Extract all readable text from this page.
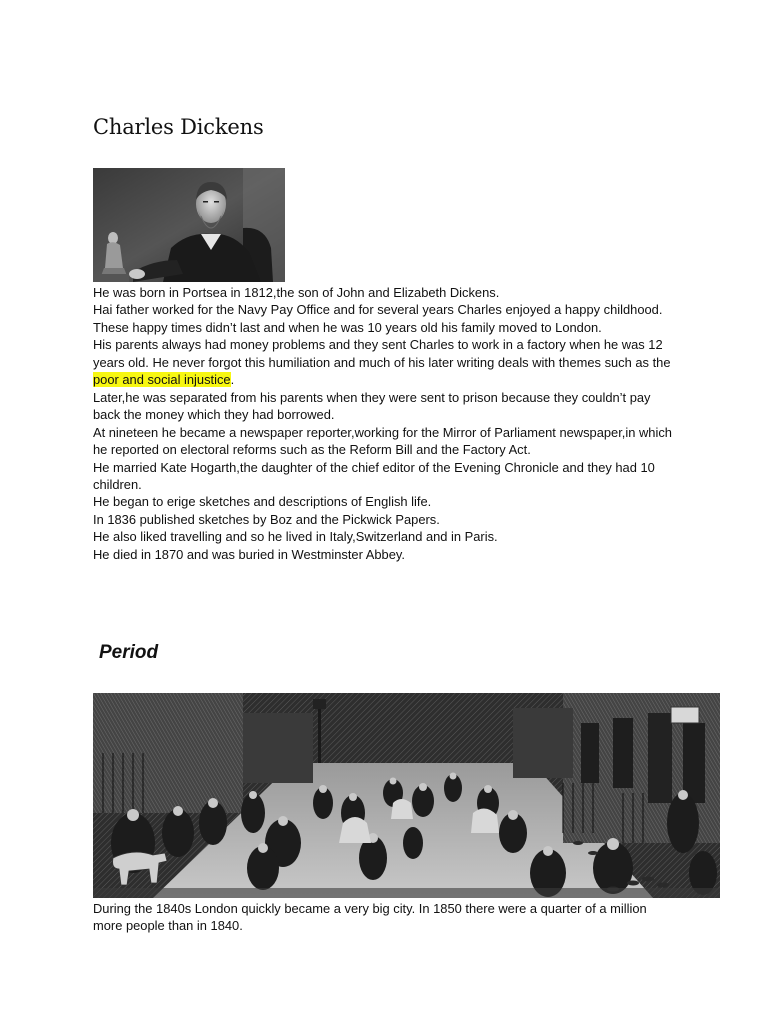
Charles Dickens

He was born in Portsea in 1812,the son of John and Elizabeth Dickens.

Hai father worked for the Navy Pay Office and for several years Charles enjoyed a happy childhood.

These happy times didn’t last and when he was 10 years old his family moved to London.

His parents always had money problems and they sent Charles to work in a factory when he was 12 years old. He never forgot this humiliation and much of his later writing deals with themes such as the poor and social injustice.

Later,he was separated from his parents when they were sent to prison because they couldn’t pay back the money which they had borrowed.

At nineteen he became a newspaper reporter,working for the Mirror of Parliament newspaper,in which he reported on electoral reforms such as the Reform Bill and the Factory Act.

He married Kate Hogarth,the daughter of the chief editor of the Evening Chronicle and they had 10 children.

He began to erige sketches and descriptions of English life.

In 1836 published sketches by Boz and the Pickwick Papers.

He also liked travelling and so he lived in Italy,Switzerland and in Paris.

He died in 1870 and was buried in Westminster Abbey.

Period

During the 1840s London quickly became a very big city. In 1850 there were a quarter of a million more people than in 1840.
